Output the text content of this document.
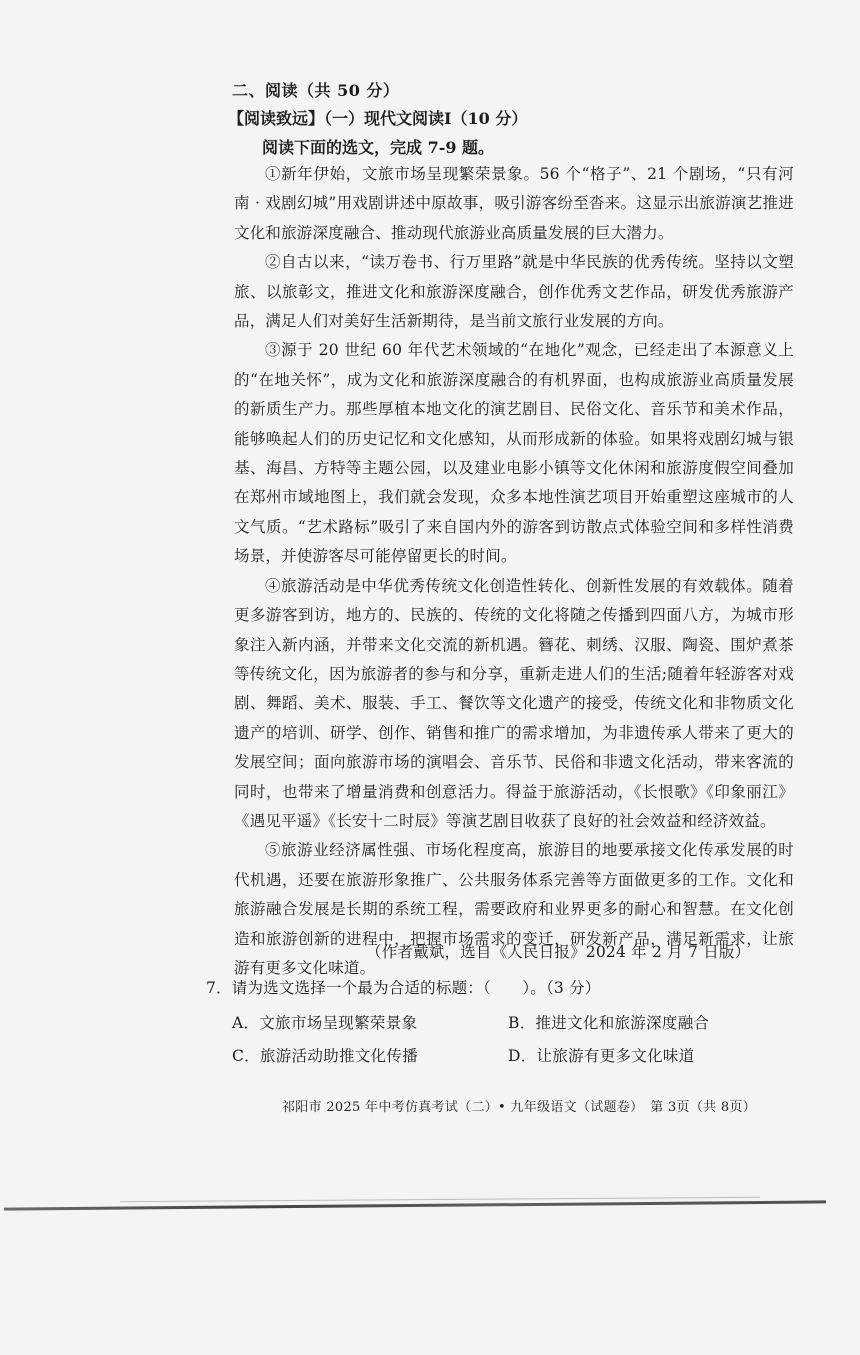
二、阅读（共 50 分）
【阅读致远】（一）现代文阅读Ⅰ（10 分）
阅读下面的选文，完成 7-9 题。

①新年伊始，文旅市场呈现繁荣景象。56 个“格子”、21 个剧场，“只有河南 · 戏剧幻城”用戏剧讲述中原故事，吸引游客纷至沓来。这显示出旅游演艺推进文化和旅游深度融合、推动现代旅游业高质量发展的巨大潜力。

②自古以来，“读万卷书、行万里路”就是中华民族的优秀传统。坚持以文塑旅、以旅彰文，推进文化和旅游深度融合，创作优秀文艺作品，研发优秀旅游产品，满足人们对美好生活新期待，是当前文旅行业发展的方向。

③源于 20 世纪 60 年代艺术领域的“在地化”观念，已经走出了本源意义上的“在地关怀”，成为文化和旅游深度融合的有机界面，也构成旅游业高质量发展的新质生产力。那些厚植本地文化的演艺剧目、民俗文化、音乐节和美术作品，能够唤起人们的历史记忆和文化感知，从而形成新的体验。如果将戏剧幻城与银基、海昌、方特等主题公园，以及建业电影小镇等文化休闲和旅游度假空间叠加在郑州市域地图上，我们就会发现，众多本地性演艺项目开始重塑这座城市的人文气质。“艺术路标”吸引了来自国内外的游客到访散点式体验空间和多样性消费场景，并使游客尽可能停留更长的时间。

④旅游活动是中华优秀传统文化创造性转化、创新性发展的有效载体。随着更多游客到访，地方的、民族的、传统的文化将随之传播到四面八方，为城市形象注入新内涵，并带来文化交流的新机遇。簪花、刺绣、汉服、陶瓷、围炉煮茶等传统文化，因为旅游者的参与和分享，重新走进人们的生活;随着年轻游客对戏剧、舞蹈、美术、服装、手工、餐饮等文化遗产的接受，传统文化和非物质文化遗产的培训、研学、创作、销售和推广的需求增加，为非遗传承人带来了更大的发展空间；面向旅游市场的演唱会、音乐节、民俗和非遗文化活动，带来客流的同时，也带来了增量消费和创意活力。得益于旅游活动，《长恨歌》《印象丽江》《遇见平遥》《长安十二时辰》等演艺剧目收获了良好的社会效益和经济效益。

⑤旅游业经济属性强、市场化程度高，旅游目的地要承接文化传承发展的时代机遇，还要在旅游形象推广、公共服务体系完善等方面做更多的工作。文化和旅游融合发展是长期的系统工程，需要政府和业界更多的耐心和智慧。在文化创造和旅游创新的进程中，把握市场需求的变迁，研发新产品，满足新需求，让旅游有更多文化味道。

（作者戴斌，选自《人民日报》2024 年 2 月 7 日版）
7．请为选文选择一个最为合适的标题：（　　）。（3 分）
A．文旅市场呈现繁荣景象	B．推进文化和旅游深度融合
C．旅游活动助推文化传播	D．让旅游有更多文化味道
祁阳市 2025 年中考仿真考试（二）• 九年级语文（试题卷）　第 3页（共 8页）
